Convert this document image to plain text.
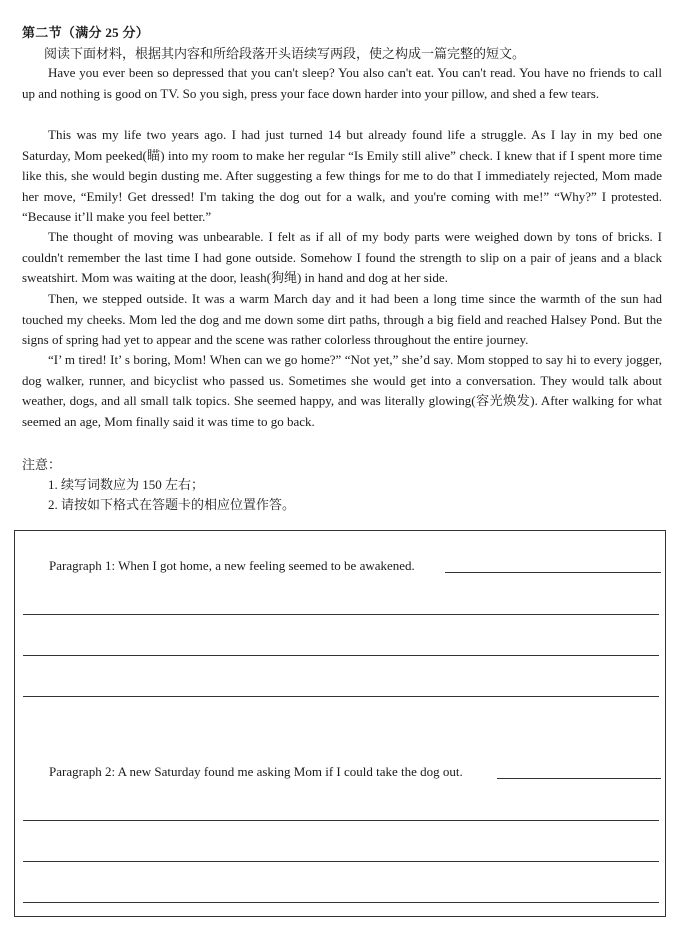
第二节（满分 25 分）
阅读下面材料，根据其内容和所给段落开头语续写两段，使之构成一篇完整的短文。
Have you ever been so depressed that you can't sleep? You also can't eat. You can't read. You have no friends to call up and nothing is good on TV. So you sigh, press your face down harder into your pillow, and shed a few tears.
This was my life two years ago. I had just turned 14 but already found life a struggle. As I lay in my bed one Saturday, Mom peeked(瞄) into my room to make her regular “Is Emily still alive” check. I knew that if I spent more time like this, she would begin dusting me. After suggesting a few things for me to do that I immediately rejected, Mom made her move, “Emily! Get dressed! I'm taking the dog out for a walk, and you're coming with me!” “Why?” I protested. “Because it’ll make you feel better.”
The thought of moving was unbearable. I felt as if all of my body parts were weighed down by tons of bricks. I couldn't remember the last time I had gone outside. Somehow I found the strength to slip on a pair of jeans and a black sweatshirt. Mom was waiting at the door, leash(狗绳) in hand and dog at her side.
Then, we stepped outside. It was a warm March day and it had been a long time since the warmth of the sun had touched my cheeks. Mom led the dog and me down some dirt paths, through a big field and reached Halsey Pond. But the signs of spring had yet to appear and the scene was rather colorless throughout the entire journey.
“I’ m tired! It’ s boring, Mom! When can we go home?” “Not yet,” she’d say. Mom stopped to say hi to every jogger, dog walker, runner, and bicyclist who passed us. Sometimes she would get into a conversation. They would talk about weather, dogs, and all small talk topics. She seemed happy, and was literally glowing(容光焕发). After walking for what seemed an age, Mom finally said it was time to go back.
注意：
1. 续写词数应为 150 左右；
2. 请按如下格式在答题卡的相应位置作答。
Paragraph 1: When I got home, a new feeling seemed to be awakened.
Paragraph 2: A new Saturday found me asking Mom if I could take the dog out.
